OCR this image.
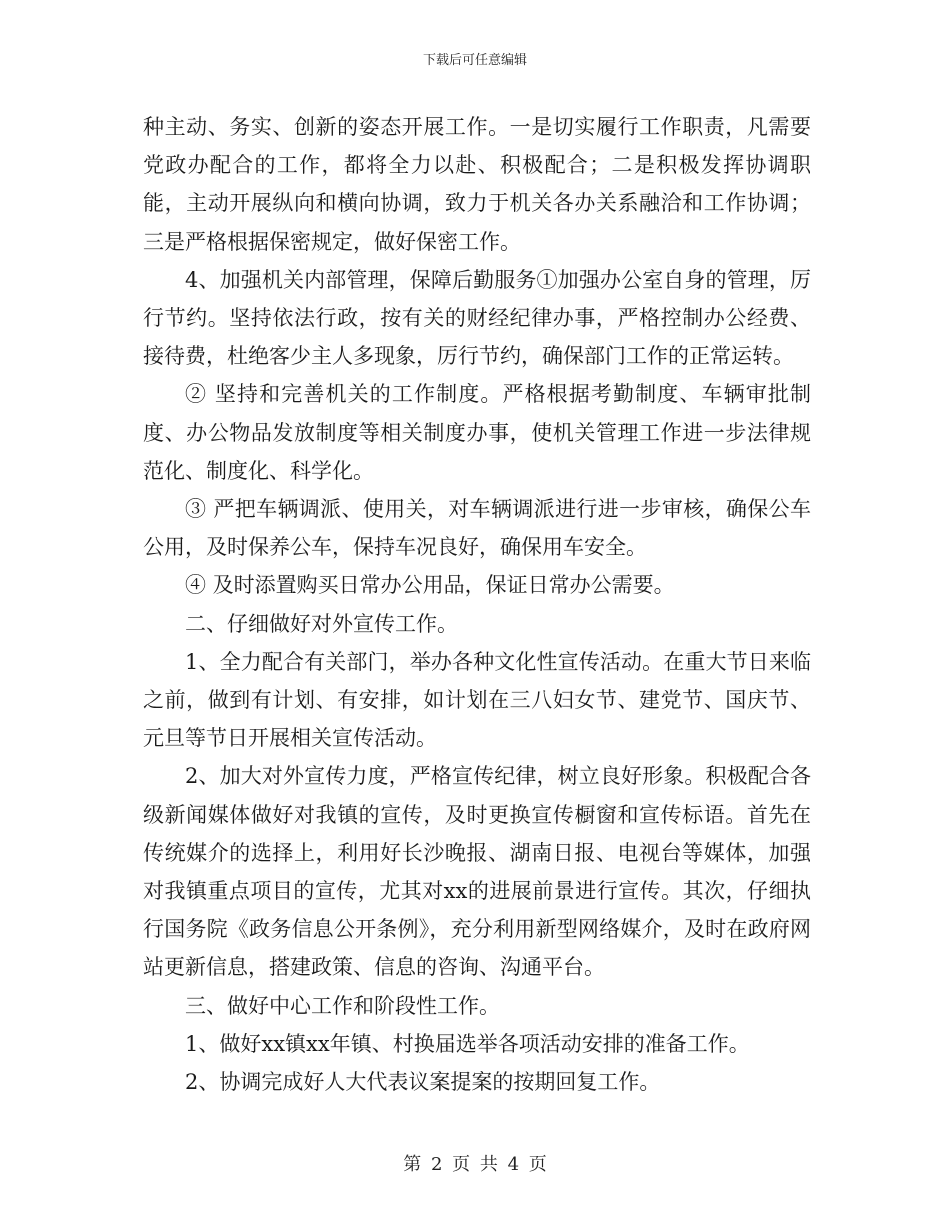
下载后可任意编辑

种主动、务实、创新的姿态开展工作。一是切实履行工作职责，凡需要党政办配合的工作，都将全力以赴、积极配合；二是积极发挥协调职能，主动开展纵向和横向协调，致力于机关各办关系融洽和工作协调；三是严格根据保密规定，做好保密工作。

4、加强机关内部管理，保障后勤服务①加强办公室自身的管理，厉行节约。坚持依法行政，按有关的财经纪律办事，严格控制办公经费、接待费，杜绝客少主人多现象，厉行节约，确保部门工作的正常运转。

② 坚持和完善机关的工作制度。严格根据考勤制度、车辆审批制度、办公物品发放制度等相关制度办事，使机关管理工作进一步法律规范化、制度化、科学化。

③ 严把车辆调派、使用关，对车辆调派进行进一步审核，确保公车公用，及时保养公车，保持车况良好，确保用车安全。

④ 及时添置购买日常办公用品，保证日常办公需要。

二、仔细做好对外宣传工作。

1、全力配合有关部门，举办各种文化性宣传活动。在重大节日来临之前，做到有计划、有安排，如计划在三八妇女节、建党节、国庆节、元旦等节日开展相关宣传活动。

2、加大对外宣传力度，严格宣传纪律，树立良好形象。积极配合各级新闻媒体做好对我镇的宣传，及时更换宣传橱窗和宣传标语。首先在传统媒介的选择上，利用好长沙晚报、湖南日报、电视台等媒体，加强对我镇重点项目的宣传，尤其对xx的进展前景进行宣传。其次，仔细执行国务院《政务信息公开条例》，充分利用新型网络媒介，及时在政府网站更新信息，搭建政策、信息的咨询、沟通平台。

三、做好中心工作和阶段性工作。

1、做好xx镇xx年镇、村换届选举各项活动安排的准备工作。

2、协调完成好人大代表议案提案的按期回复工作。

第 2 页 共 4 页
